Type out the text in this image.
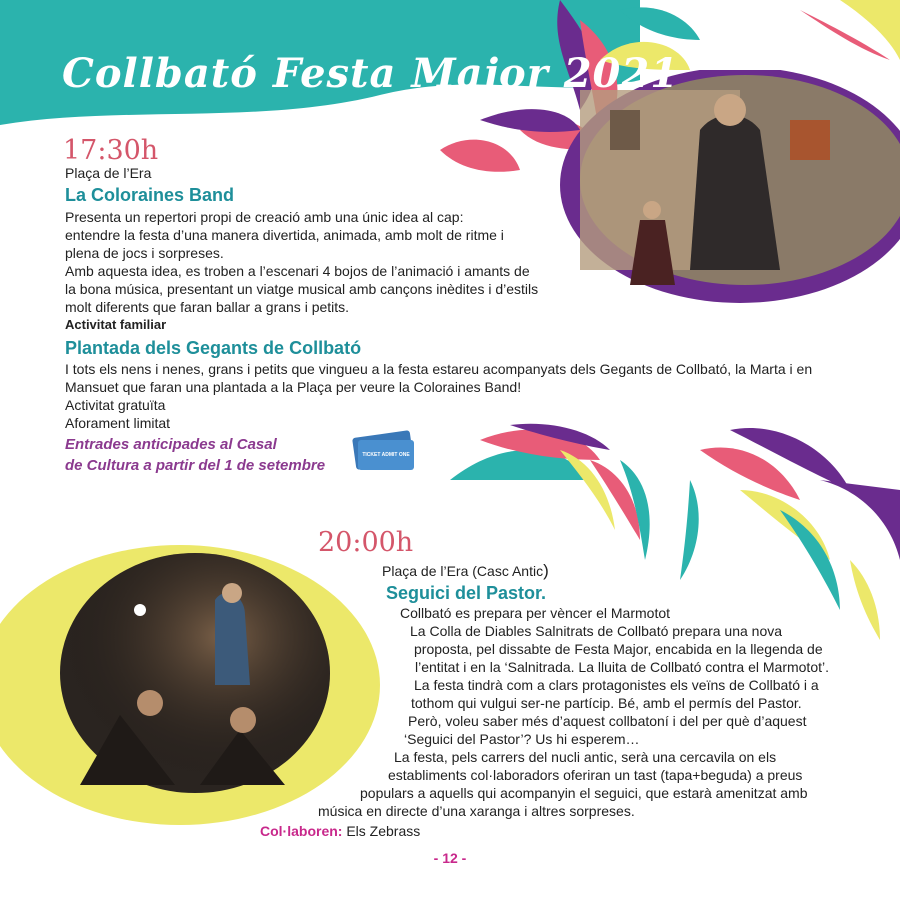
Collbató Festa Major 2021
17:30h
Plaça de l’Era
La Coloraines Band
Presenta un repertori propi de creació amb una únic idea al cap:
entendre la festa d’una manera divertida, animada, amb molt de ritme i
plena de jocs i sorpreses.
Amb aquesta idea, es troben a l’escenari 4 bojos de l’animació i amants de
la bona música, presentant un viatge musical amb cançons inèdites i d’estils
molt diferents que faran ballar a grans i petits.
Activitat familiar
Plantada dels Gegants de Collbató
I tots els nens i nenes, grans i petits que vingueu a la festa estareu acompanyats dels Gegants de Collbató, la Marta i en
Mansuet que faran una plantada a la Plaça per veure la Coloraines Band!
Activitat gratuïta
Aforament limitat
Entrades anticipades al Casal
de Cultura a partir del 1 de setembre
TICKET ADMIT ONE
20:00h
Plaça de l’Era (Casc Antic)
Seguici del Pastor.
Collbató es prepara per vèncer el Marmotot
La Colla de Diables Salnitrats de Collbató prepara una nova
proposta, pel dissabte de Festa Major, encabida en la llegenda de
l’entitat i en la ‘Salnitrada. La lluita de Collbató contra el Marmotot’.
La festa tindrà com a clars protagonistes els veïns de Collbató i a
tothom qui vulgui ser-ne partícip. Bé, amb el permís del Pastor.
Però, voleu saber més d’aquest collbatoní i del per què d’aquest
‘Seguici del Pastor’? Us hi esperem…
La festa, pels carrers del nucli antic, serà una cercavila on els
establiments col·laboradors oferiran un tast (tapa+beguda) a preus
populars a aquells qui acompanyin el seguici, que estarà amenitzat amb
música en directe d’una xaranga i altres sorpreses.
Col·laboren: Els Zebrass
- 12 -
